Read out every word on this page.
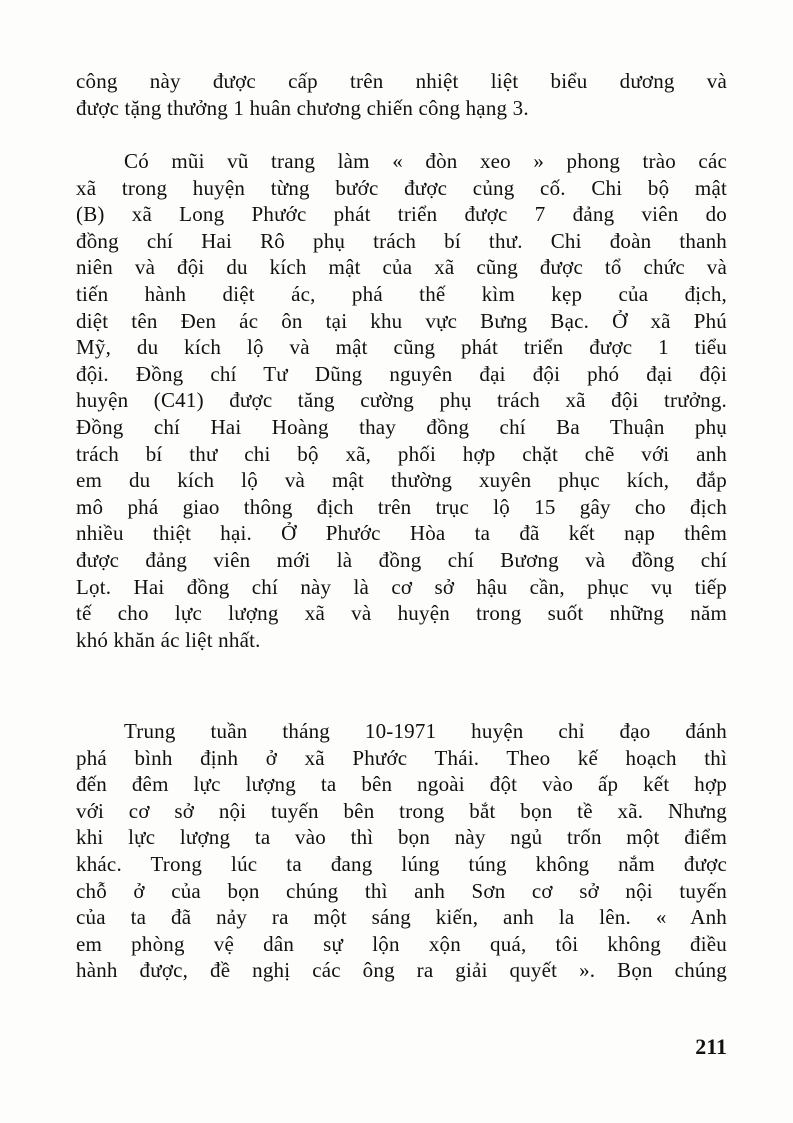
công này được cấp trên nhiệt liệt biểu dương và
được tặng thưởng 1 huân chương chiến công hạng 3.
Có mũi vũ trang làm « đòn xeo » phong trào các
xã trong huyện từng bước được củng cố. Chi bộ mật
(B) xã Long Phước phát triển được 7 đảng viên do
đồng chí Hai Rô phụ trách bí thư. Chi đoàn thanh
niên và đội du kích mật của xã cũng được tổ chức và
tiến hành diệt ác, phá thế kìm kẹp của địch,
diệt tên Đen ác ôn tại khu vực Bưng Bạc. Ở xã Phú
Mỹ, du kích lộ và mật cũng phát triển được 1 tiểu
đội. Đồng chí Tư Dũng nguyên đại đội phó đại đội
huyện (C41) được tăng cường phụ trách xã đội trưởng.
Đồng chí Hai Hoàng thay đồng chí Ba Thuận phụ
trách bí thư chi bộ xã, phối hợp chặt chẽ với anh
em du kích lộ và mật thường xuyên phục kích, đắp
mô phá giao thông địch trên trục lộ 15 gây cho địch
nhiều thiệt hại. Ở Phước Hòa ta đã kết nạp thêm
được đảng viên mới là đồng chí Bương và đồng chí
Lọt. Hai đồng chí này là cơ sở hậu cần, phục vụ tiếp
tế cho lực lượng xã và huyện trong suốt những năm
khó khăn ác liệt nhất.
Trung tuần tháng 10-1971 huyện chỉ đạo đánh
phá bình định ở xã Phước Thái. Theo kế hoạch thì
đến đêm lực lượng ta bên ngoài đột vào ấp kết hợp
với cơ sở nội tuyến bên trong bắt bọn tề xã. Nhưng
khi lực lượng ta vào thì bọn này ngủ trốn một điểm
khác. Trong lúc ta đang lúng túng không nắm được
chỗ ở của bọn chúng thì anh Sơn cơ sở nội tuyến
của ta đã nảy ra một sáng kiến, anh la lên. « Anh
em phòng vệ dân sự lộn xộn quá, tôi không điều
hành được, đề nghị các ông ra giải quyết ». Bọn chúng
211
